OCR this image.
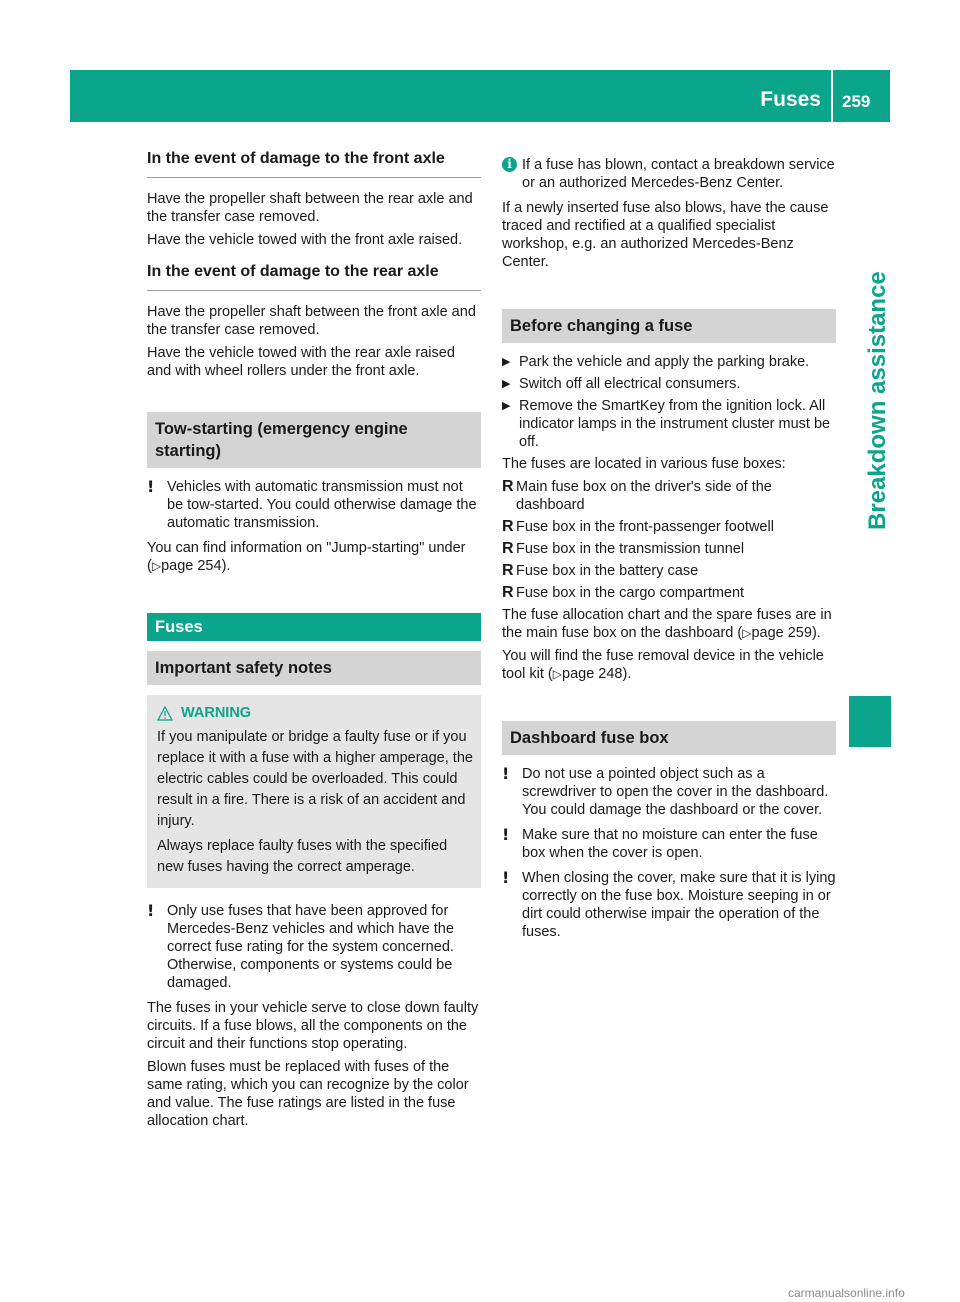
Fuses 259
Breakdown assistance
In the event of damage to the front axle

Have the propeller shaft between the rear axle and the transfer case removed.

Have the vehicle towed with the front axle raised.

In the event of damage to the rear axle

Have the propeller shaft between the front axle and the transfer case removed.

Have the vehicle towed with the rear axle raised and with wheel rollers under the front axle.

Tow-starting (emergency engine starting)
! Vehicles with automatic transmission must not be tow-started. You could otherwise damage the automatic transmission.

You can find information on "Jump-starting" under (▷page 254).

Fuses
Important safety notes
WARNING

If you manipulate or bridge a faulty fuse or if you replace it with a fuse with a higher amperage, the electric cables could be overloaded. This could result in a fire. There is a risk of an accident and injury.

Always replace faulty fuses with the specified new fuses having the correct amperage.

! Only use fuses that have been approved for Mercedes-Benz vehicles and which have the correct fuse rating for the system concerned. Otherwise, components or systems could be damaged.

The fuses in your vehicle serve to close down faulty circuits. If a fuse blows, all the components on the circuit and their functions stop operating.

Blown fuses must be replaced with fuses of the same rating, which you can recognize by the color and value. The fuse ratings are listed in the fuse allocation chart.

i If a fuse has blown, contact a breakdown service or an authorized Mercedes-Benz Center.

If a newly inserted fuse also blows, have the cause traced and rectified at a qualified specialist workshop, e.g. an authorized Mercedes-Benz Center.

Before changing a fuse
▶ Park the vehicle and apply the parking brake.
▶ Switch off all electrical consumers.
▶ Remove the SmartKey from the ignition lock. All indicator lamps in the instrument cluster must be off.

The fuses are located in various fuse boxes:

R Main fuse box on the driver's side of the dashboard
R Fuse box in the front-passenger footwell
R Fuse box in the transmission tunnel
R Fuse box in the battery case
R Fuse box in the cargo compartment

The fuse allocation chart and the spare fuses are in the main fuse box on the dashboard (▷page 259).

You will find the fuse removal device in the vehicle tool kit (▷page 248).

Dashboard fuse box
! Do not use a pointed object such as a screwdriver to open the cover in the dashboard. You could damage the dashboard or the cover.
! Make sure that no moisture can enter the fuse box when the cover is open.
! When closing the cover, make sure that it is lying correctly on the fuse box. Moisture seeping in or dirt could otherwise impair the operation of the fuses.
carmanualsonline.info
